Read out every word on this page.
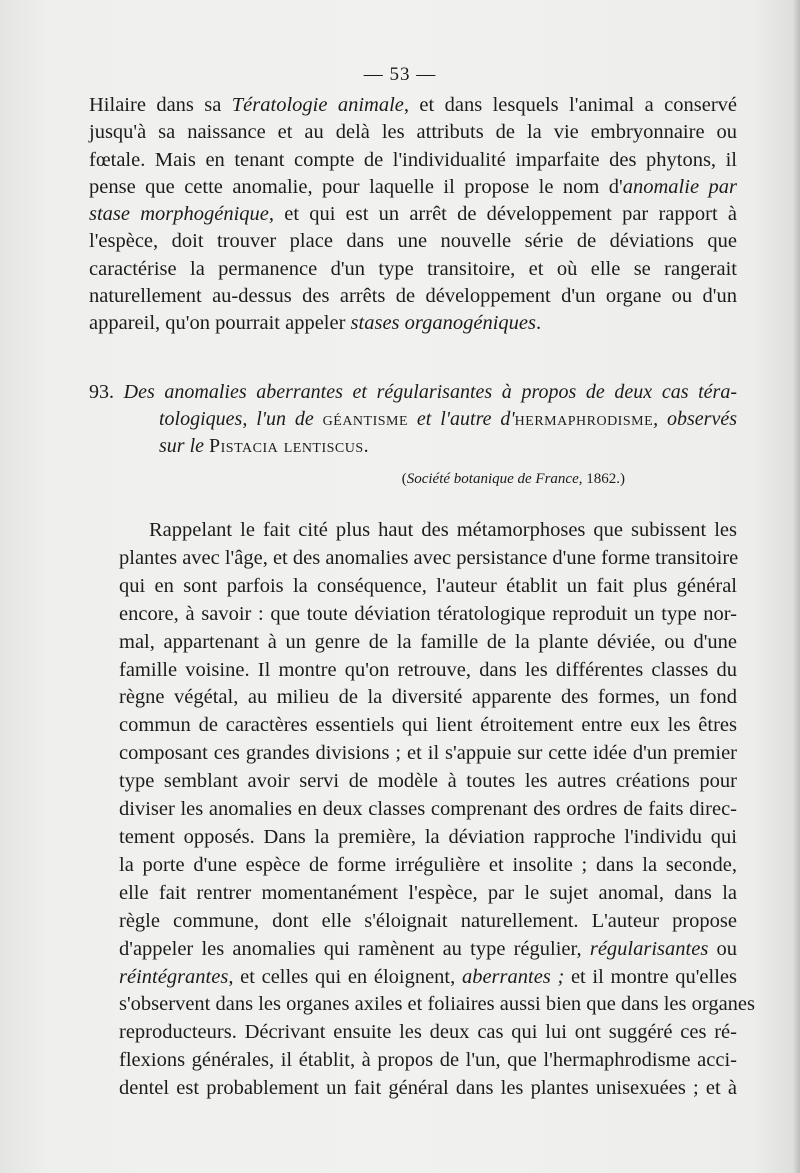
— 53 —
Hilaire dans sa Tératologie animale, et dans lesquels l'animal a conservé
jusqu'à sa naissance et au delà les attributs de la vie embryonnaire ou
fœtale. Mais en tenant compte de l'individualité imparfaite des phytons, il
pense que cette anomalie, pour laquelle il propose le nom d'anomalie par
stase morphogénique, et qui est un arrêt de développement par rapport à
l'espèce, doit trouver place dans une nouvelle série de déviations que
caractérise la permanence d'un type transitoire, et où elle se rangerait
naturellement au-dessus des arrêts de développement d'un organe ou d'un
appareil, qu'on pourrait appeler stases organogéniques.
93. Des anomalies aberrantes et régularisantes à propos de deux cas téra-
tologiques, l'un de géantisme et l'autre d'hermaphrodisme, observés
sur le Pistacia lentiscus.
(Société botanique de France, 1862.)
Rappelant le fait cité plus haut des métamorphoses que subissent les
plantes avec l'âge, et des anomalies avec persistance d'une forme transitoire
qui en sont parfois la conséquence, l'auteur établit un fait plus général
encore, à savoir : que toute déviation tératologique reproduit un type nor-
mal, appartenant à un genre de la famille de la plante déviée, ou d'une
famille voisine. Il montre qu'on retrouve, dans les différentes classes du
règne végétal, au milieu de la diversité apparente des formes, un fond
commun de caractères essentiels qui lient étroitement entre eux les êtres
composant ces grandes divisions ; et il s'appuie sur cette idée d'un premier
type semblant avoir servi de modèle à toutes les autres créations pour
diviser les anomalies en deux classes comprenant des ordres de faits direc-
tement opposés. Dans la première, la déviation rapproche l'individu qui
la porte d'une espèce de forme irrégulière et insolite ; dans la seconde,
elle fait rentrer momentanément l'espèce, par le sujet anomal, dans la
règle commune, dont elle s'éloignait naturellement. L'auteur propose
d'appeler les anomalies qui ramènent au type régulier, régularisantes ou
réintégrantes, et celles qui en éloignent, aberrantes ; et il montre qu'elles
s'observent dans les organes axiles et foliaires aussi bien que dans les organes
reproducteurs. Décrivant ensuite les deux cas qui lui ont suggéré ces ré-
flexions générales, il établit, à propos de l'un, que l'hermaphrodisme acci-
dentel est probablement un fait général dans les plantes unisexuées ; et à
